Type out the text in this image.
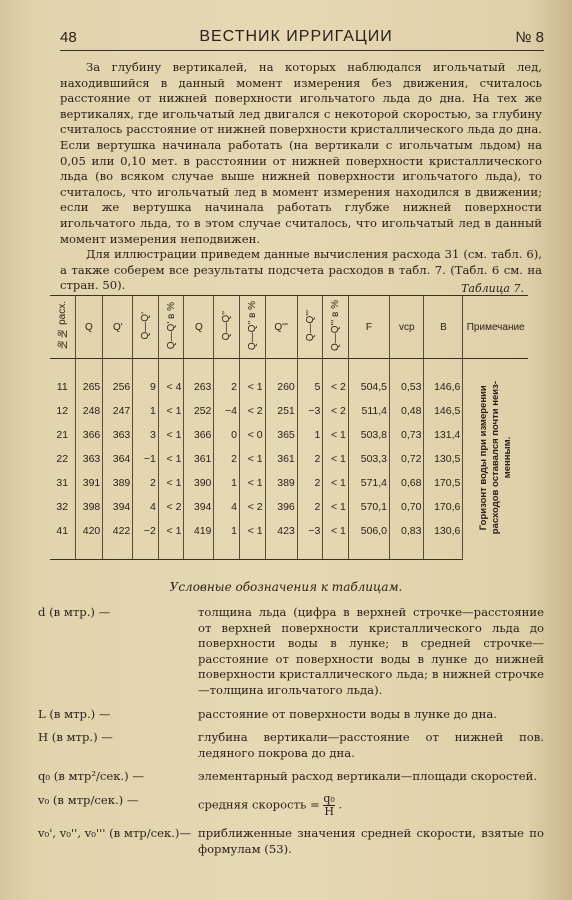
48	ВЕСТНИК ИРРИГАЦИИ	№ 8

За глубину вертикалей, на которых наблюдался игольчатый лед, находившийся в данный момент измерения без движения, считалось расстояние от нижней поверхности игольчатого льда до дна. На тех же вертикалях, где игольчатый лед двигался с некоторой скоростью, за глубину считалось расстояние от нижней поверхности кристаллического льда до дна. Если вертушка начинала работать (на вертикали с игольчатым льдом) на 0,05 или 0,10 мет. в расстоянии от нижней поверхности кристаллического льда (во всяком случае выше нижней поверхности игольчатого льда), то считалось, что игольчатый лед в момент измерения находился в движении; если же вертушка начинала работать глубже нижней поверхности игольчатого льда, то в этом случае считалось, что игольчатый лед в данный момент измерения неподвижен.

Для иллюстрации приведем данные вычисления расхода 31 (см. табл. 6), а также соберем все результаты подсчета расходов в табл. 7. (Табл. 6 см. на стран. 50).	Таблица 7.
№№ расх.	Q	Q'	Q—Q'	Q—Q' в %	Q	Q—Q''	Q—Q'' в %	Q'''	Q—Q'''	Q—Q''' в %	F	vср	B	Примечание
														Горизонт воды при измерении
расходов оставался почти неиз-
менным.
11	265	256	9	< 4	263	2	< 1	260	5	< 2	504,5	0,53	146,6	
12	248	247	1	< 1	252	−4	< 2	251	−3	< 2	511,4	0,48	146,5	
21	366	363	3	< 1	366	0	< 0	365	1	< 1	503,8	0,73	131,4	
22	363	364	−1	< 1	361	2	< 1	361	2	< 1	503,3	0,72	130,5	
31	391	389	2	< 1	390	1	< 1	389	2	< 1	571,4	0,68	170,5	
32	398	394	4	< 2	394	4	< 2	396	2	< 1	570,1	0,70	170,6	
41	420	422	−2	< 1	419	1	< 1	423	−3	< 1	506,0	0,83	130,6	
Условные обозначения к таблицам.
d (в мтр.) —	толщина льда (цифра в верхней строчке—расстояние от верхней поверхности кристаллического льда до поверхности воды в лунке; в средней строчке—расстояние от поверхности воды в лунке до нижней поверхности кристаллического льда; в нижней строчке—толщина игольчатого льда).
L (в мтр.) —	расстояние от поверхности воды в лунке до дна.
H (в мтр.) —	глубина вертикали—расстояние от нижней пов. ледяного покрова до дна.
q₀ (в мтр²/сек.) —	элементарный расход вертикали—площади скоростей.
v₀ (в мтр/сек.) —	средняя скорость = $\frac{\text{q₀}}{H}$ .
v₀', v₀'', v₀''' (в мтр/сек.)— приближенные значения средней скорости, взятые по формулам (53).
